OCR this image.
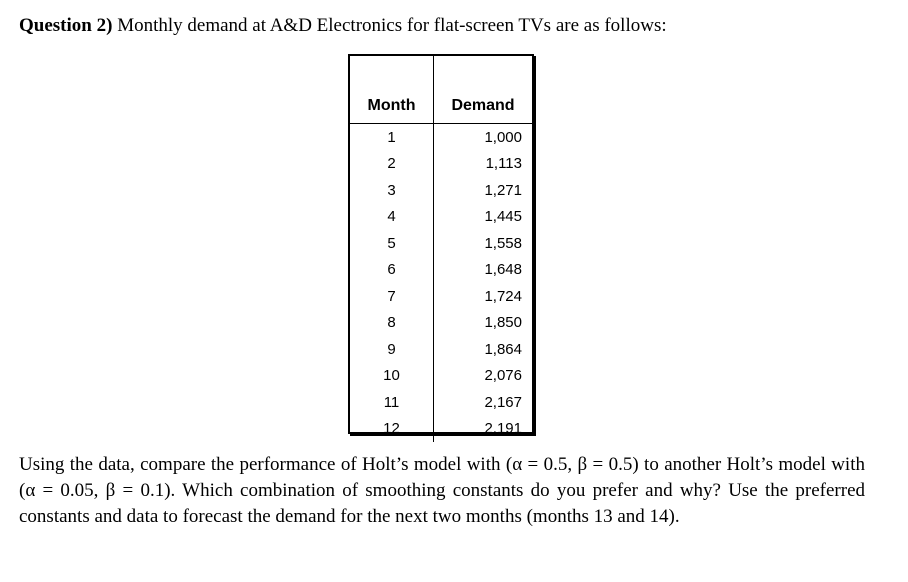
Question 2) Monthly demand at A&D Electronics for flat-screen TVs are as follows:
Month	Demand
1	1,000
2	1,113
3	1,271
4	1,445
5	1,558
6	1,648
7	1,724
8	1,850
9	1,864
10	2,076
11	2,167
12	2,191
Using the data, compare the performance of Holt’s model with (α = 0.5, β = 0.5) to another Holt’s model with (α = 0.05, β = 0.1). Which combination of smoothing constants do you prefer and why? Use the preferred constants and data to forecast the demand for the next two months (months 13 and 14).
